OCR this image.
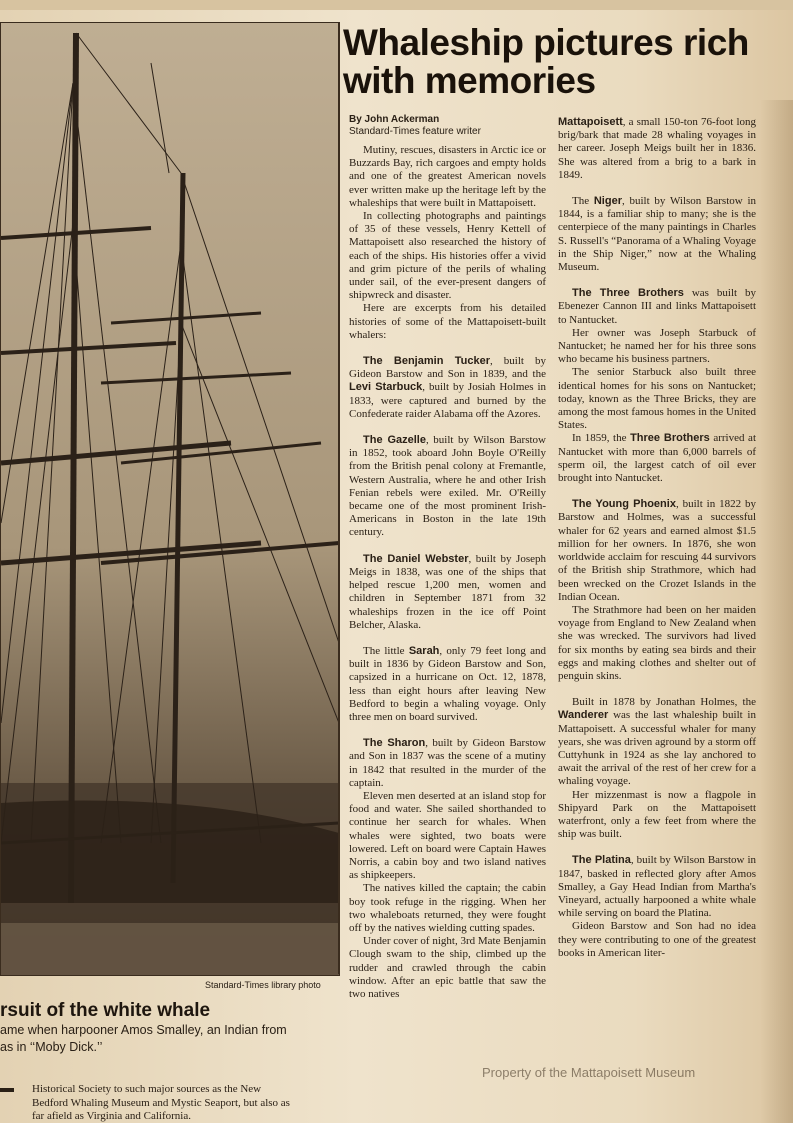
Standard-Times library photo
rsuit of the white whale
ame when harpooner Amos Smalley, an Indian from
as in ‘‘Moby Dick.’’
Historical Society to such major sources as the New
Bedford Whaling Museum and Mystic Seaport, but also as
far afield as Virginia and California.
Whaleship pictures rich with memories
By John Ackerman
Standard-Times feature writer

Mutiny, rescues, disasters in Arctic ice or Buzzards Bay, rich cargoes and empty holds and one of the greatest American novels ever written make up the heritage left by the whaleships that were built in Mattapoisett.

In collecting photographs and paintings of 35 of these vessels, Henry Kettell of Mattapoisett also researched the history of each of the ships. His histories offer a vivid and grim picture of the perils of whaling under sail, of the ever-present dangers of shipwreck and disaster.

Here are excerpts from his detailed histories of some of the Mattapoisett-built whalers:

The Benjamin Tucker, built by Gideon Barstow and Son in 1839, and the Levi Starbuck, built by Josiah Holmes in 1833, were captured and burned by the Confederate raider Alabama off the Azores.

The Gazelle, built by Wilson Barstow in 1852, took aboard John Boyle O'Reilly from the British penal colony at Fremantle, Western Australia, where he and other Irish Fenian rebels were exiled. Mr. O'Reilly became one of the most prominent Irish-Americans in Boston in the late 19th century.

The Daniel Webster, built by Joseph Meigs in 1838, was one of the ships that helped rescue 1,200 men, women and children in September 1871 from 32 whaleships frozen in the ice off Point Belcher, Alaska.

The little Sarah, only 79 feet long and built in 1836 by Gideon Barstow and Son, capsized in a hurricane on Oct. 12, 1878, less than eight hours after leaving New Bedford to begin a whaling voyage. Only three men on board survived.

The Sharon, built by Gideon Barstow and Son in 1837 was the scene of a mutiny in 1842 that resulted in the murder of the captain.

Eleven men deserted at an island stop for food and water. She sailed shorthanded to continue her search for whales. When whales were sighted, two boats were lowered. Left on board were Captain Hawes Norris, a cabin boy and two island natives as shipkeepers.

The natives killed the captain; the cabin boy took refuge in the rigging. When her two whaleboats returned, they were fought off by the natives wielding cutting spades.

Under cover of night, 3rd Mate Benjamin Clough swam to the ship, climbed up the rudder and crawled through the cabin window. After an epic battle that saw the two natives

Mattapoisett, a small 150-ton 76-foot long brig/bark that made 28 whaling voyages in her career. Joseph Meigs built her in 1836. She was altered from a brig to a bark in 1849.

The Niger, built by Wilson Barstow in 1844, is a familiar ship to many; she is the centerpiece of the many paintings in Charles S. Russell's “Panorama of a Whaling Voyage in the Ship Niger,” now at the Whaling Museum.

The Three Brothers was built by Ebenezer Cannon III and links Mattapoisett to Nantucket.

Her owner was Joseph Starbuck of Nantucket; he named her for his three sons who became his business partners.

The senior Starbuck also built three identical homes for his sons on Nantucket; today, known as the Three Bricks, they are among the most famous homes in the United States.

In 1859, the Three Brothers arrived at Nantucket with more than 6,000 barrels of sperm oil, the largest catch of oil ever brought into Nantucket.

The Young Phoenix, built in 1822 by Barstow and Holmes, was a successful whaler for 62 years and earned almost $1.5 million for her owners. In 1876, she won worldwide acclaim for rescuing 44 survivors of the British ship Strathmore, which had been wrecked on the Crozet Islands in the Indian Ocean.

The Strathmore had been on her maiden voyage from England to New Zealand when she was wrecked. The survivors had lived for six months by eating sea birds and their eggs and making clothes and shelter out of penguin skins.

Built in 1878 by Jonathan Holmes, the Wanderer was the last whaleship built in Mattapoisett. A successful whaler for many years, she was driven aground by a storm off Cuttyhunk in 1924 as she lay anchored to await the arrival of the rest of her crew for a whaling voyage.

Her mizzenmast is now a flagpole in Shipyard Park on the Mattapoisett waterfront, only a few feet from where the ship was built.

The Platina, built by Wilson Barstow in 1847, basked in reflected glory after Amos Smalley, a Gay Head Indian from Martha's Vineyard, actually harpooned a white whale while serving on board the Platina.

Gideon Barstow and Son had no idea they were contributing to one of the greatest books in American liter-

Property of the Mattapoisett Museum
